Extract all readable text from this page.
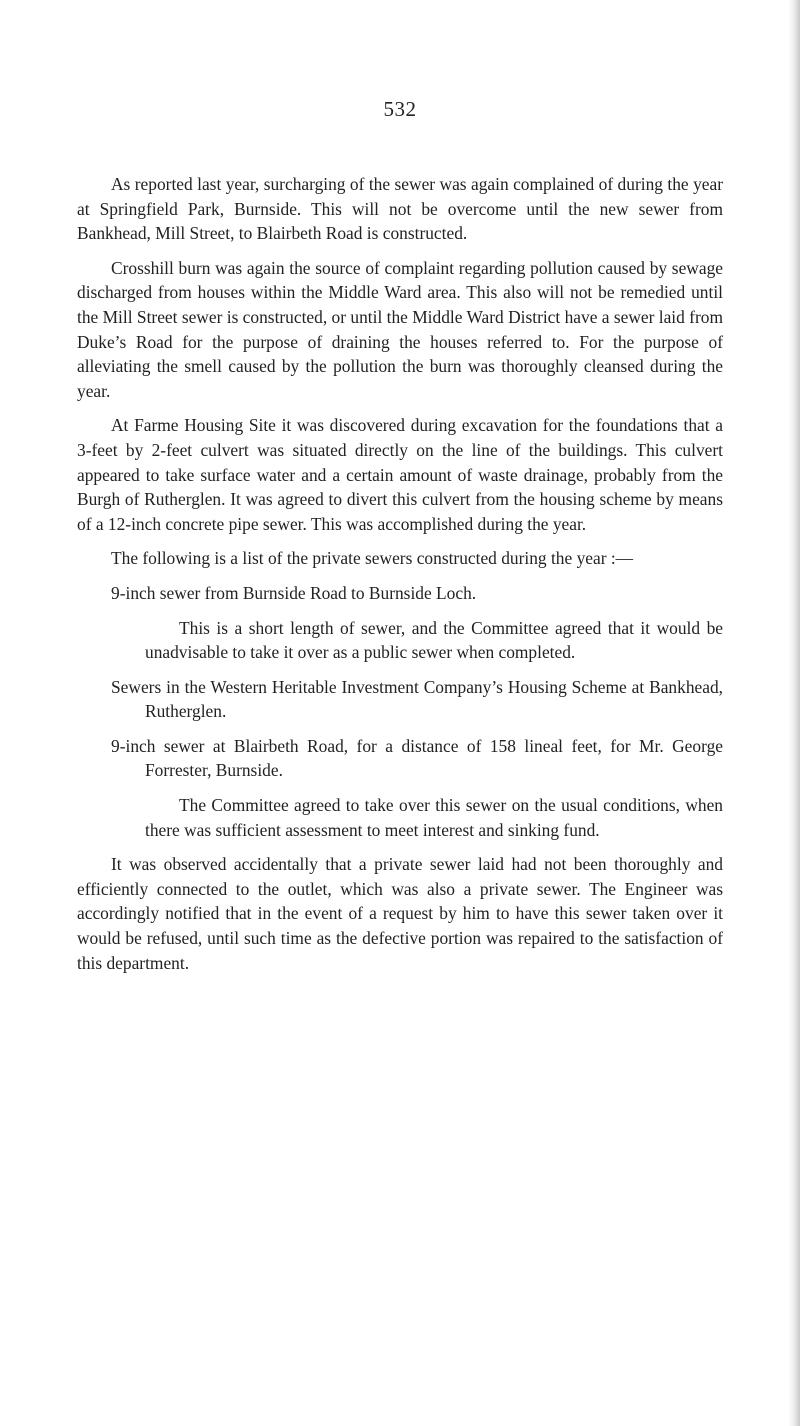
532

As reported last year, surcharging of the sewer was again complained of during the year at Springfield Park, Burnside. This will not be overcome until the new sewer from Bankhead, Mill Street, to Blairbeth Road is constructed.

Crosshill burn was again the source of complaint regarding pollution caused by sewage discharged from houses within the Middle Ward area. This also will not be remedied until the Mill Street sewer is constructed, or until the Middle Ward District have a sewer laid from Duke’s Road for the purpose of draining the houses referred to. For the purpose of alleviating the smell caused by the pollution the burn was thoroughly cleansed during the year.

At Farme Housing Site it was discovered during excavation for the foundations that a 3-feet by 2-feet culvert was situated directly on the line of the buildings. This culvert appeared to take surface water and a certain amount of waste drainage, probably from the Burgh of Rutherglen. It was agreed to divert this culvert from the housing scheme by means of a 12-inch concrete pipe sewer. This was accomplished during the year.

The following is a list of the private sewers constructed during the year :—

9-inch sewer from Burnside Road to Burnside Loch.

This is a short length of sewer, and the Committee agreed that it would be unadvisable to take it over as a public sewer when completed.

Sewers in the Western Heritable Investment Company’s Housing Scheme at Bankhead, Rutherglen.

9-inch sewer at Blairbeth Road, for a distance of 158 lineal feet, for Mr. George Forrester, Burnside.

The Committee agreed to take over this sewer on the usual conditions, when there was sufficient assessment to meet interest and sinking fund.

It was observed accidentally that a private sewer laid had not been thoroughly and efficiently connected to the outlet, which was also a private sewer. The Engineer was accordingly notified that in the event of a request by him to have this sewer taken over it would be refused, until such time as the defective portion was repaired to the satisfaction of this department.
